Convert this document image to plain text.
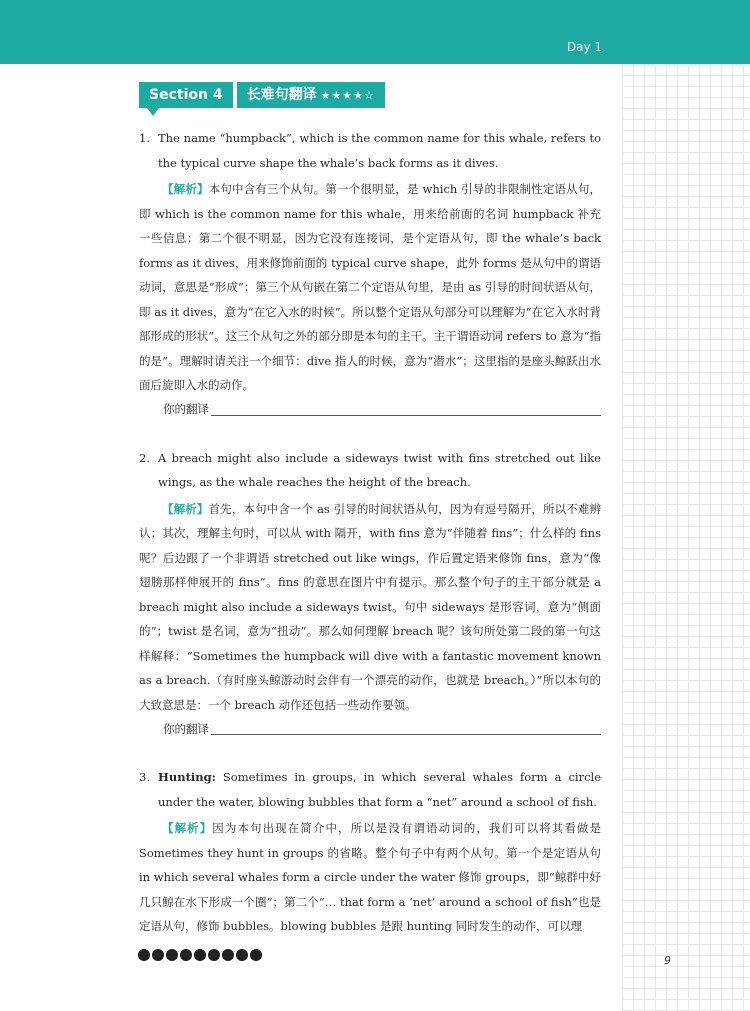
Day 1
Section 4	长难句翻译 ★★★★☆
1. The name “humpback”, which is the common name for this whale, refers to the typical curve shape the whale’s back forms as it dives.
【解析】本句中含有三个从句。第一个很明显，是 which 引导的非限制性定语从句，即 which is the common name for this whale，用来给前面的名词 humpback 补充一些信息；第二个很不明显，因为它没有连接词，是个定语从句，即 the whale’s back forms as it dives，用来修饰前面的 typical curve shape，此外 forms 是从句中的谓语动词，意思是“形成”；第三个从句嵌在第二个定语从句里，是由 as 引导的时间状语从句，即 as it dives，意为“在它入水的时候”。所以整个定语从句部分可以理解为“在它入水时背部形成的形状”。这三个从句之外的部分即是本句的主干。主干谓语动词 refers to 意为“指的是”。理解时请关注一个细节：dive 指人的时候，意为“潜水”；这里指的是座头鲸跃出水面后旋即入水的动作。
你的翻译
2. A breach might also include a sideways twist with fins stretched out like wings, as the whale reaches the height of the breach.
【解析】首先，本句中含一个 as 引导的时间状语从句，因为有逗号隔开，所以不难辨认；其次，理解主句时，可以从 with 隔开，with fins 意为“伴随着 fins”；什么样的 fins 呢？后边跟了一个非谓语 stretched out like wings，作后置定语来修饰 fins，意为“像翅膀那样伸展开的 fins”。fins 的意思在图片中有提示。那么整个句子的主干部分就是 a breach might also include a sideways twist。句中 sideways 是形容词，意为“侧面的”；twist 是名词，意为“扭动”。那么如何理解 breach 呢？该句所处第二段的第一句这样解释：“Sometimes the humpback will dive with a fantastic movement known as a breach.（有时座头鲸游动时会伴有一个漂亮的动作，也就是 breach。）”所以本句的大致意思是：一个 breach 动作还包括一些动作要领。
你的翻译
3. Hunting: Sometimes in groups, in which several whales form a circle under the water, blowing bubbles that form a “net” around a school of fish.
【解析】因为本句出现在简介中，所以是没有谓语动词的，我们可以将其看做是 Sometimes they hunt in groups 的省略。整个句子中有两个从句。第一个是定语从句 in which several whales form a circle under the water 修饰 groups，即“鲸群中好几只鲸在水下形成一个圈”；第二个“… that form a ‘net’ around a school of fish”也是定语从句，修饰 bubbles。blowing bubbles 是跟 hunting 同时发生的动作，可以理
9
